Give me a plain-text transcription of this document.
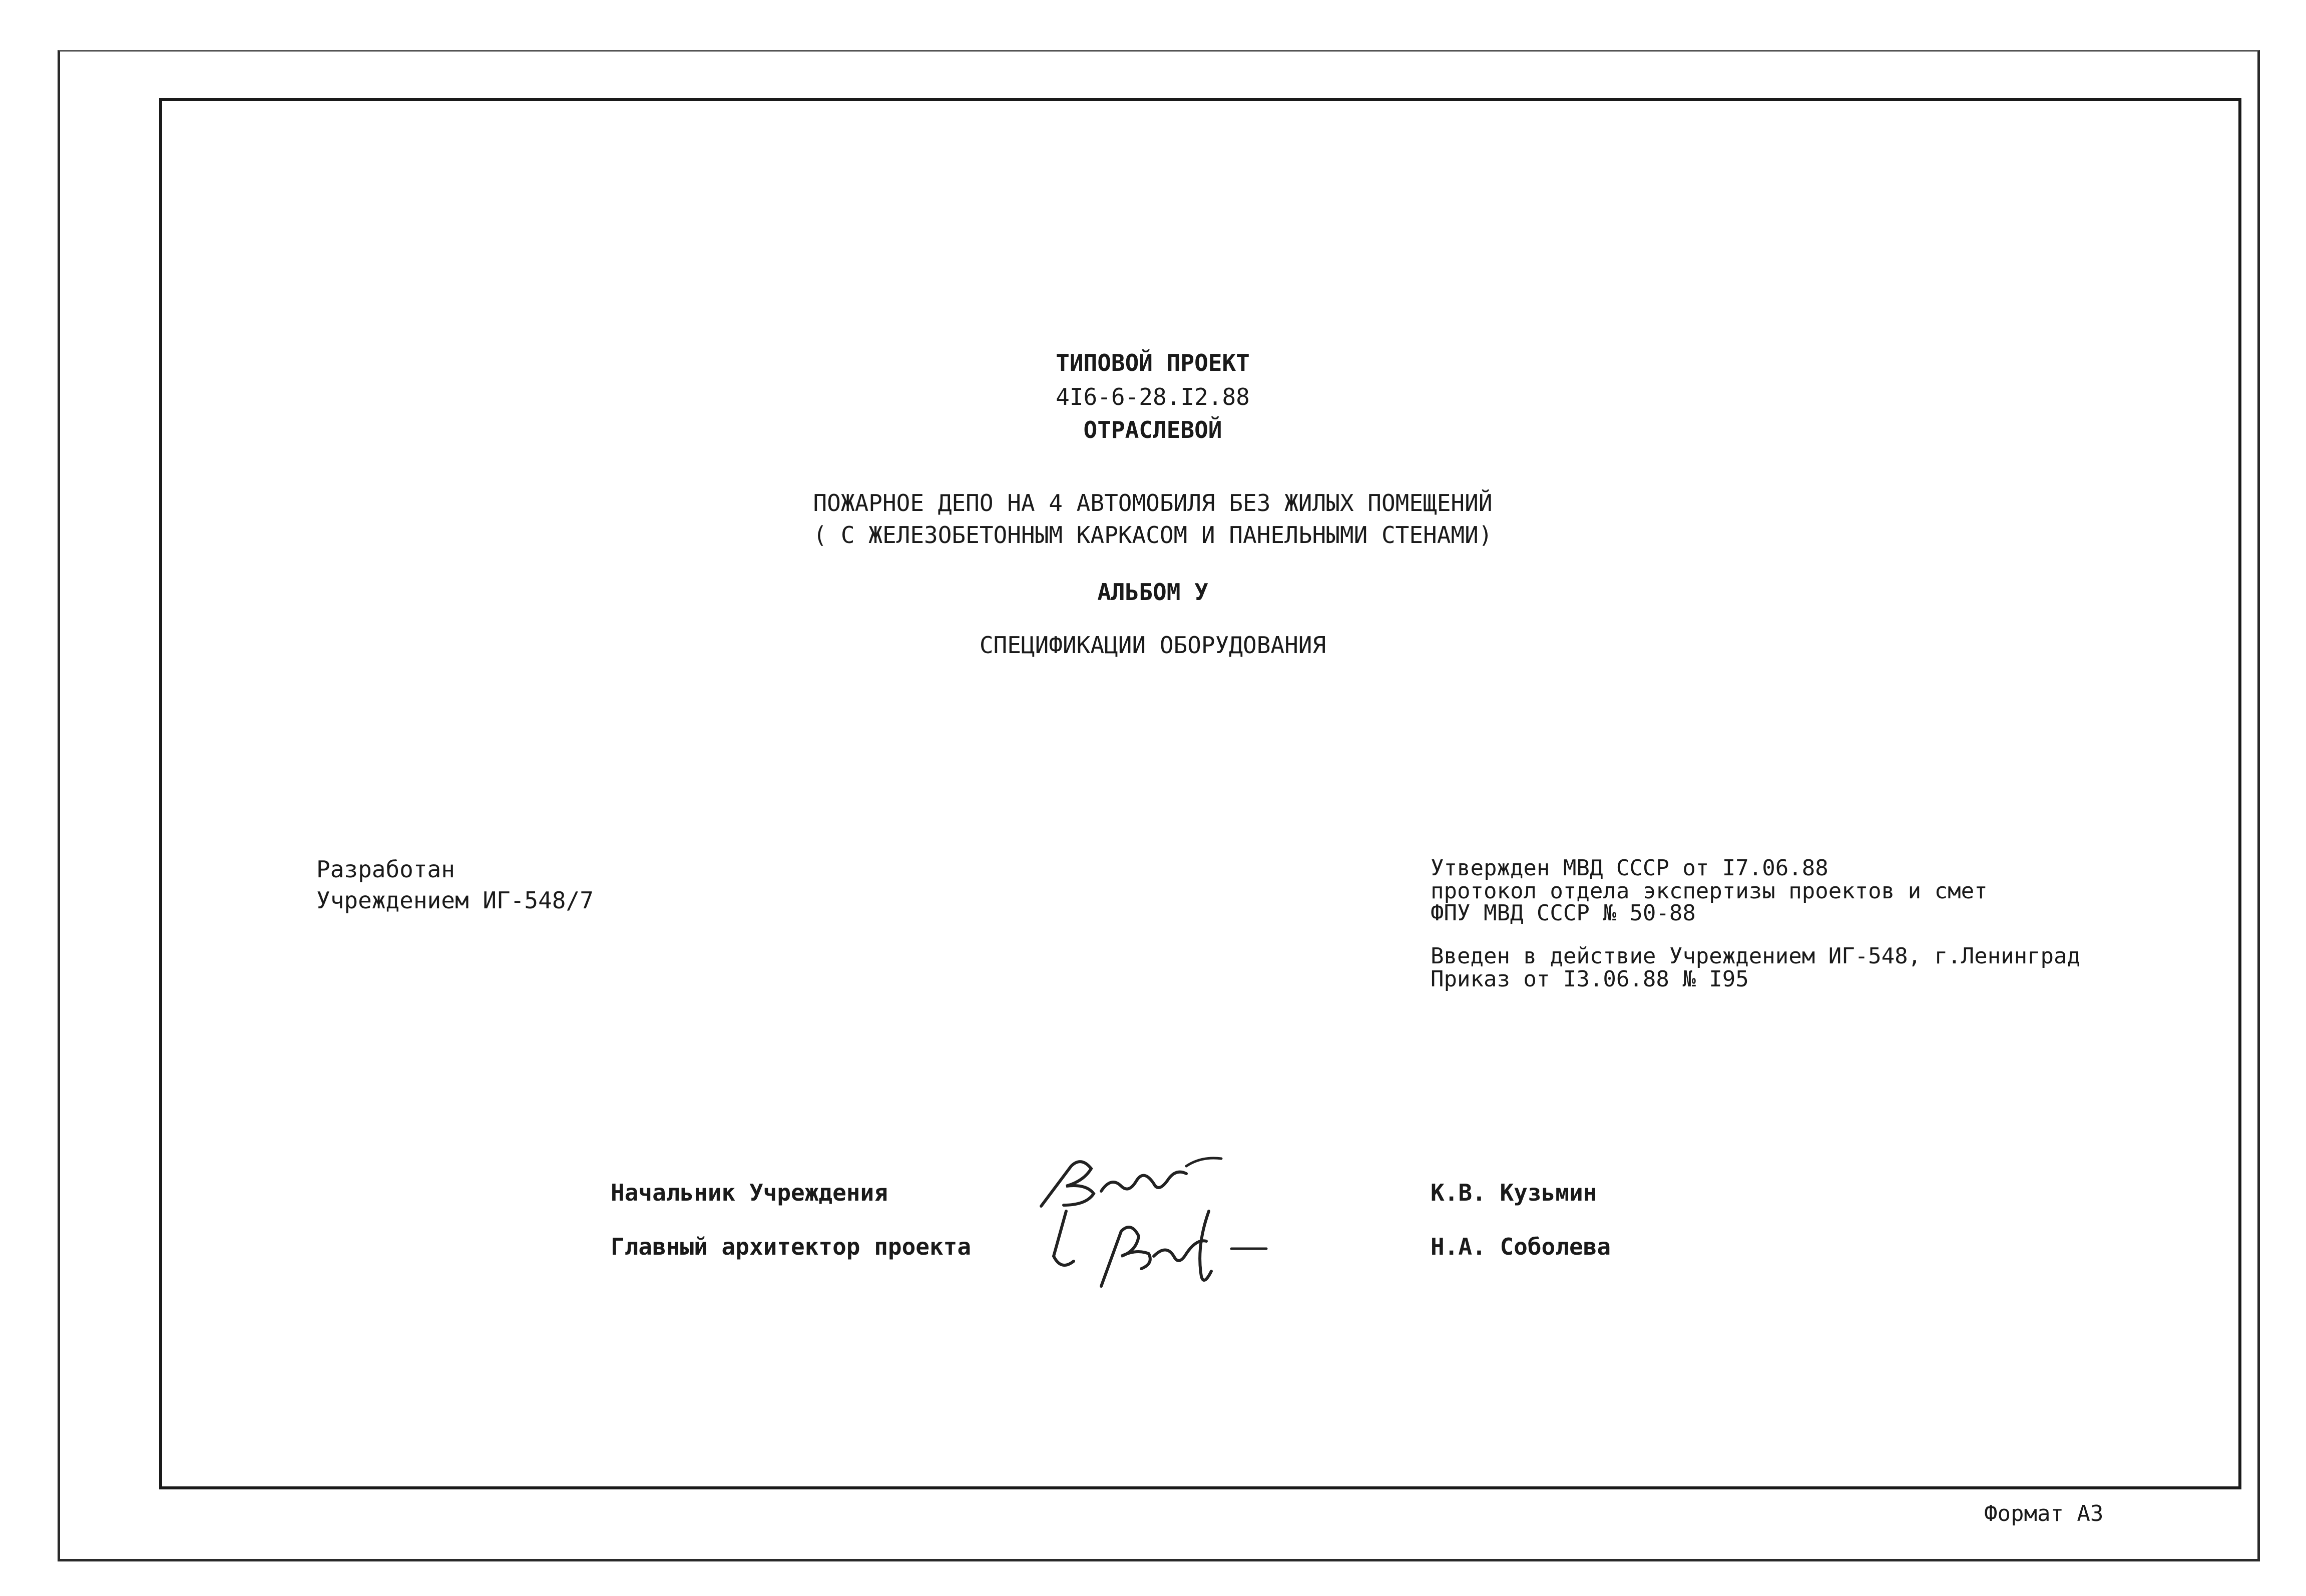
ТИПОВОЙ ПРОЕКТ
4I6-6-28.I2.88
ОТРАСЛЕВОЙ
ПОЖАРНОЕ ДЕПО НА 4 АВТОМОБИЛЯ БЕЗ ЖИЛЫХ ПОМЕЩЕНИЙ
( С ЖЕЛЕЗОБЕТОННЫМ КАРКАСОМ И ПАНЕЛЬНЫМИ СТЕНАМИ)
АЛЬБОМ У
СПЕЦИФИКАЦИИ ОБОРУДОВАНИЯ
Разработан
Учреждением ИГ-548/7
Утвержден МВД СССР от I7.06.88
протокол отдела экспертизы проектов и смет
ФПУ МВД СССР № 50-88
Введен в действие Учреждением ИГ-548, г.Ленинград
Приказ от I3.06.88 № I95
Начальник Учреждения
Главный архитектор проекта
К.В. Кузьмин
Н.А. Соболева
Формат А3
